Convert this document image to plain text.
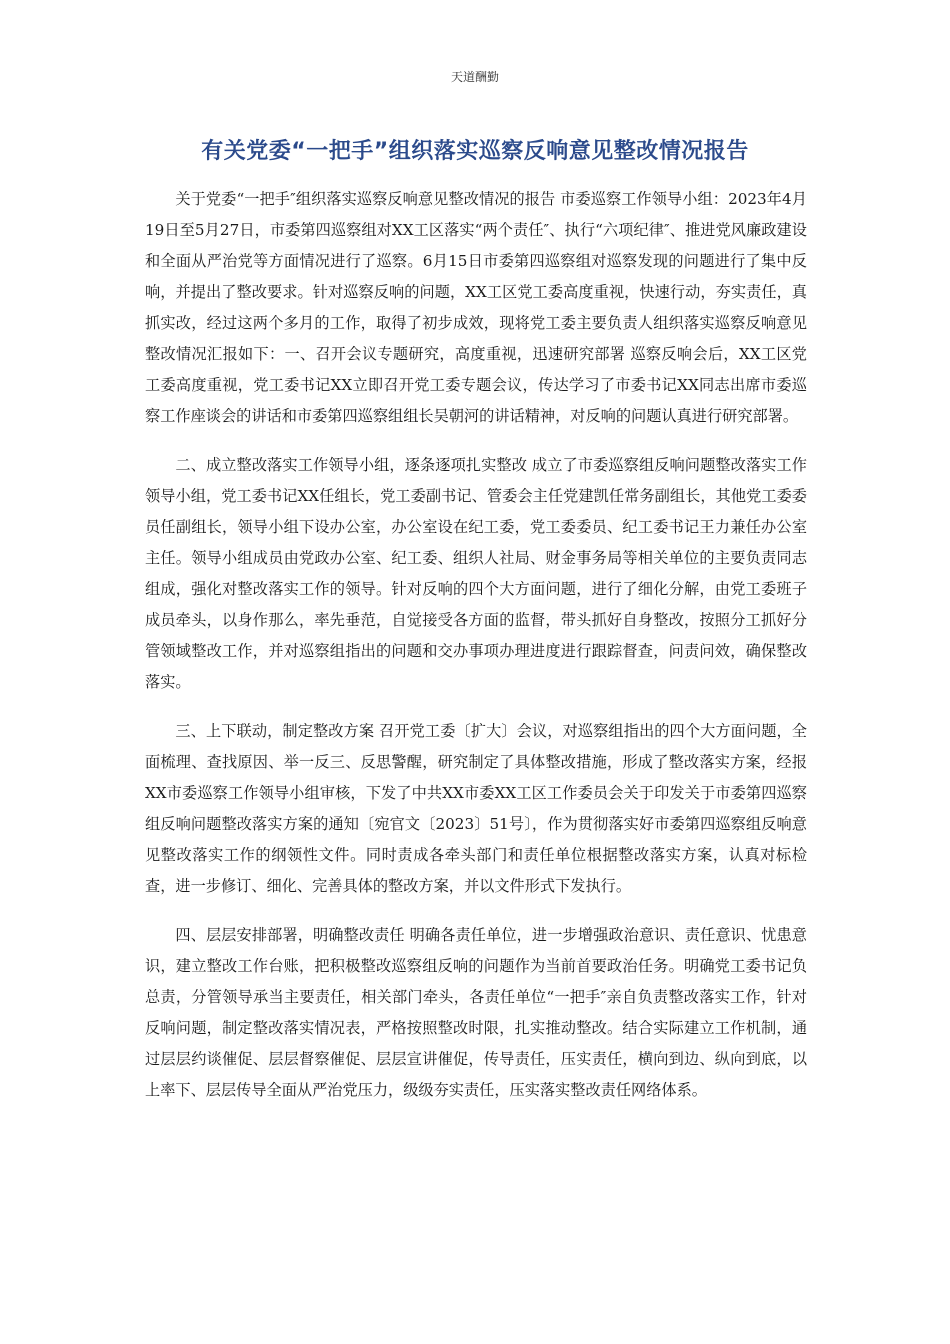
天道酬勤
有关党委“一把手”组织落实巡察反响意见整改情况报告

关于党委“一把手″组织落实巡察反响意见整改情况的报告 市委巡察工作领导小组：2023年4月19日至5月27日，市委第四巡察组对XX工区落实“两个责任″、执行“六项纪律″、推进党风廉政建设和全面从严治党等方面情况进行了巡察。6月15日市委第四巡察组对巡察发现的问题进行了集中反响，并提出了整改要求。针对巡察反响的问题，XX工区党工委高度重视，快速行动，夯实责任，真抓实改，经过这两个多月的工作，取得了初步成效，现将党工委主要负责人组织落实巡察反响意见整改情况汇报如下：一、召开会议专题研究，高度重视，迅速研究部署 巡察反响会后，XX工区党工委高度重视，党工委书记XX立即召开党工委专题会议，传达学习了市委书记XX同志出席市委巡察工作座谈会的讲话和市委第四巡察组组长吴朝河的讲话精神，对反响的问题认真进行研究部署。

二、成立整改落实工作领导小组，逐条逐项扎实整改 成立了市委巡察组反响问题整改落实工作领导小组，党工委书记XX任组长，党工委副书记、管委会主任党建凯任常务副组长，其他党工委委员任副组长，领导小组下设办公室，办公室设在纪工委，党工委委员、纪工委书记王力兼任办公室主任。领导小组成员由党政办公室、纪工委、组织人社局、财金事务局等相关单位的主要负责同志组成，强化对整改落实工作的领导。针对反响的四个大方面问题，进行了细化分解，由党工委班子成员牵头，以身作那么，率先垂范，自觉接受各方面的监督，带头抓好自身整改，按照分工抓好分管领域整改工作，并对巡察组指出的问题和交办事项办理进度进行跟踪督查，问责问效，确保整改落实。

三、上下联动，制定整改方案 召开党工委〔扩大〕会议，对巡察组指出的四个大方面问题，全面梳理、查找原因、举一反三、反思警醒，研究制定了具体整改措施，形成了整改落实方案，经报XX市委巡察工作领导小组审核，下发了中共XX市委XX工区工作委员会关于印发关于市委第四巡察组反响问题整改落实方案的通知〔宛官文〔2023〕51号〕，作为贯彻落实好市委第四巡察组反响意见整改落实工作的纲领性文件。同时责成各牵头部门和责任单位根据整改落实方案，认真对标检查，进一步修订、细化、完善具体的整改方案，并以文件形式下发执行。

四、层层安排部署，明确整改责任 明确各责任单位，进一步增强政治意识、责任意识、忧患意识，建立整改工作台账，把积极整改巡察组反响的问题作为当前首要政治任务。明确党工委书记负总责，分管领导承当主要责任，相关部门牵头，各责任单位“一把手″亲自负责整改落实工作，针对反响问题，制定整改落实情况表，严格按照整改时限，扎实推动整改。结合实际建立工作机制，通过层层约谈催促、层层督察催促、层层宣讲催促，传导责任，压实责任，横向到边、纵向到底，以上率下、层层传导全面从严治党压力，级级夯实责任，压实落实整改责任网络体系。
